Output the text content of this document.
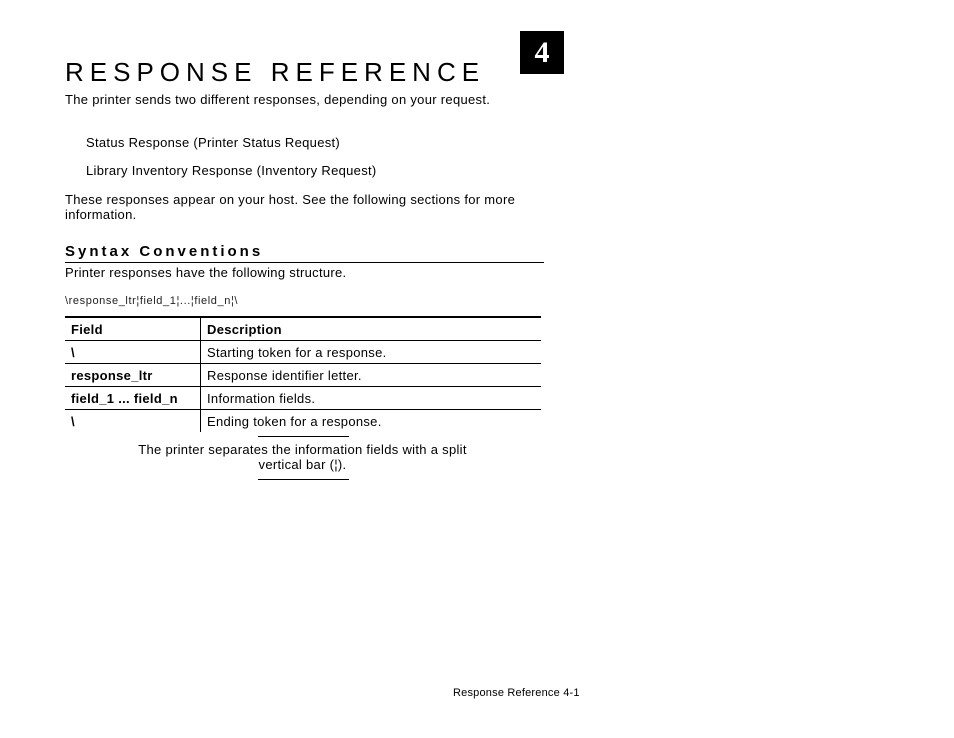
RESPONSE REFERENCE
4
The printer sends two different responses, depending on your request.
Status Response (Printer Status Request)
Library Inventory Response (Inventory Request)
These responses appear on your host. See the following sections for more information.
Syntax Conventions
Printer responses have the following structure.
\response_ltr¦field_1¦...¦field_n¦\
Field	Description
\	Starting token for a response.
response_ltr	Response identifier letter.
field_1 ... field_n	Information fields.
\	Ending token for a response.
The printer separates the information fields with a split vertical bar (¦).
Response Reference 4-1
